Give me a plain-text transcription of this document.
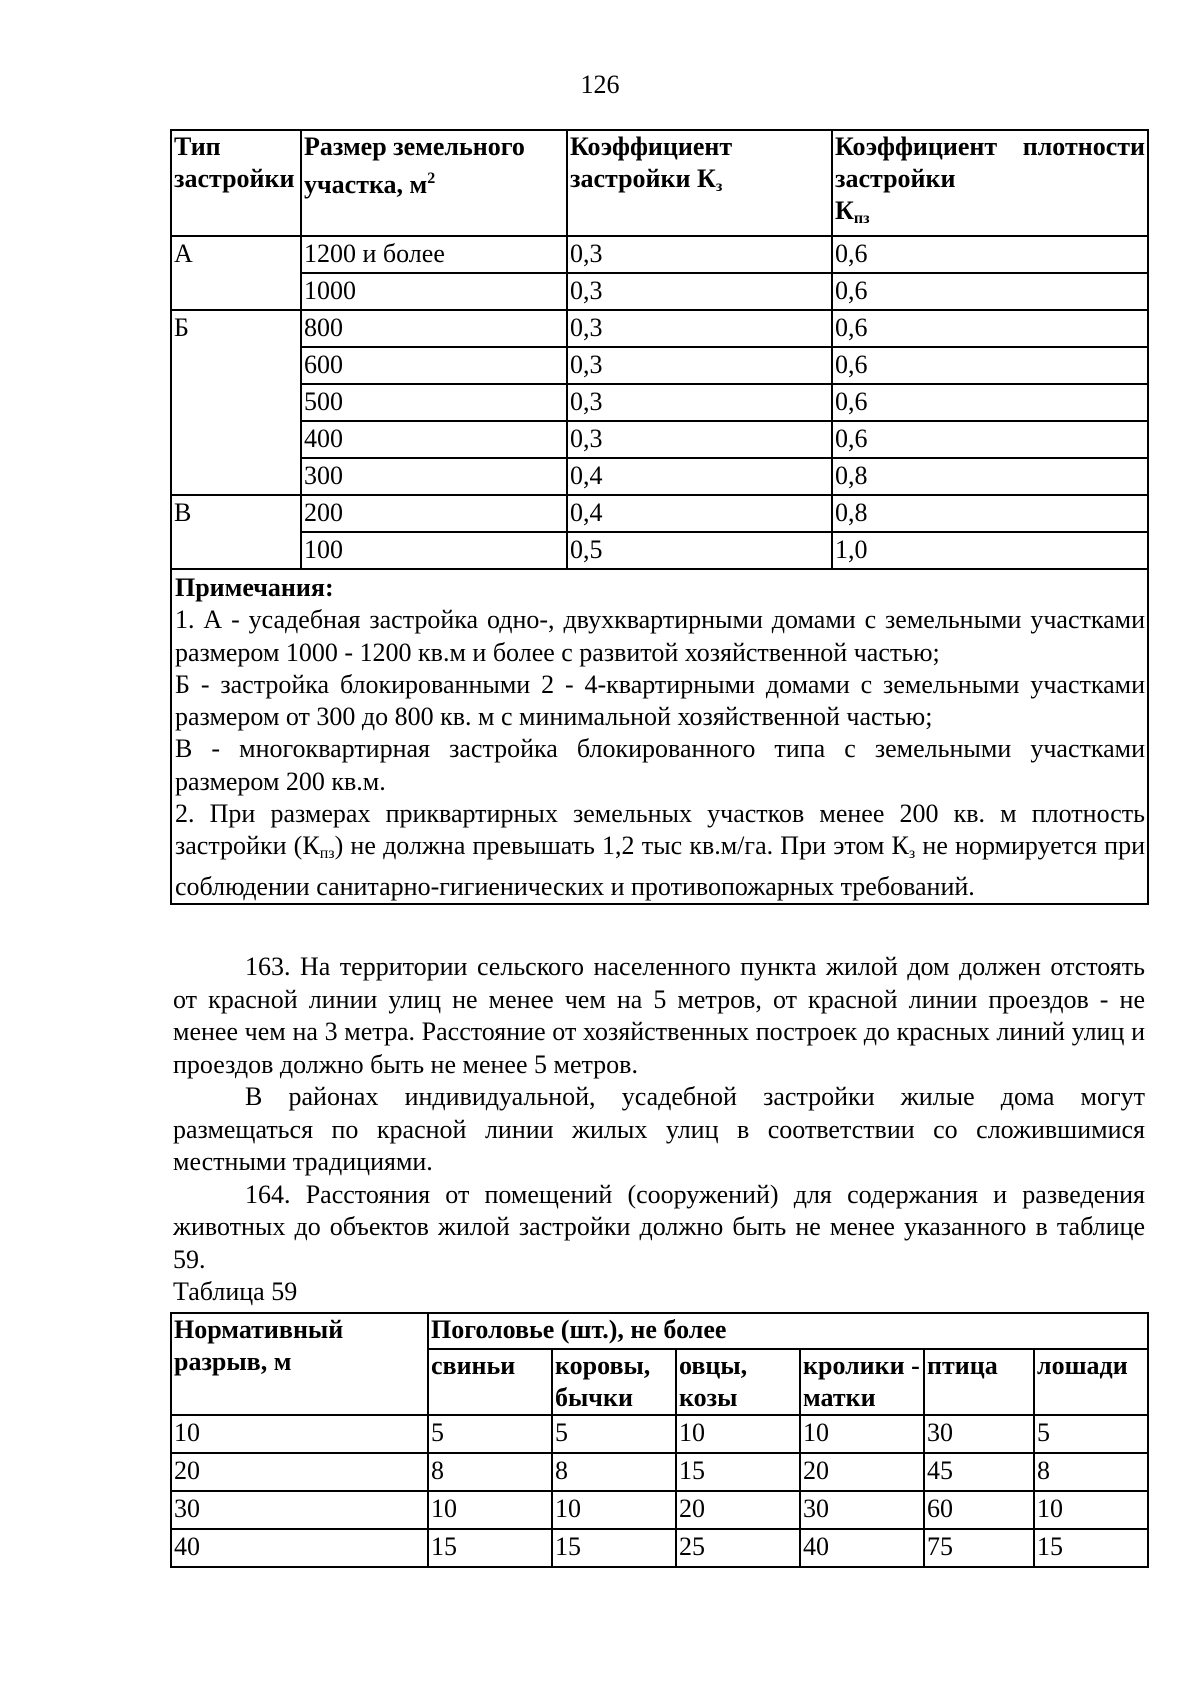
126
Тип застройки	Размер земельного участка, $м^2$	Коэффициент застройки $К_з$	Коэффициент плотности застройки
$К_{пз}$

А	1200 и более	0,3	0,6
	1000	0,3	0,6
Б	800	0,3	0,6
	600	0,3	0,6
	500	0,3	0,6
	400	0,3	0,6
	300	0,4	0,8
В	200	0,4	0,8
	100	0,5	1,0

Примечания:

1. А - усадебная застройка одно-, двухквартирными домами с земельными участками размером 1000 - 1200 кв.м и более с развитой хозяйственной частью;

Б - застройка блокированными 2 - 4-квартирными домами с земельными участками размером от 300 до 800 кв. м с минимальной хозяйственной частью;

В - многоквартирная застройка блокированного типа с земельными участками размером 200 кв.м.

2. При размерах приквартирных земельных участков менее 200 кв. м плотность застройки $(К_{пз})$ не должна превышать 1,2 тыс кв.м/га. При этом $К_з$ не нормируется при соблюдении санитарно-гигиенических и противопожарных требований.			

163. На территории сельского населенного пункта жилой дом должен отстоять от красной линии улиц не менее чем на 5 метров, от красной линии проездов - не менее чем на 3 метра. Расстояние от хозяйственных построек до красных линий улиц и проездов должно быть не менее 5 метров.

В районах индивидуальной, усадебной застройки жилые дома могут размещаться по красной линии жилых улиц в соответствии со сложившимися местными традициями.

164. Расстояния от помещений (сооружений) для содержания и разведения животных до объектов жилой застройки должно быть не менее указанного в таблице 59.

Таблица 59

Нормативный разрыв, м	Поголовье (шт.), не более					
	свиньи	коровы, бычки	овцы, козы	кролики - матки	птица	лошади
10	5	5	10	10	30	5
20	8	8	15	20	45	8
30	10	10	20	30	60	10
40	15	15	25	40	75	15
